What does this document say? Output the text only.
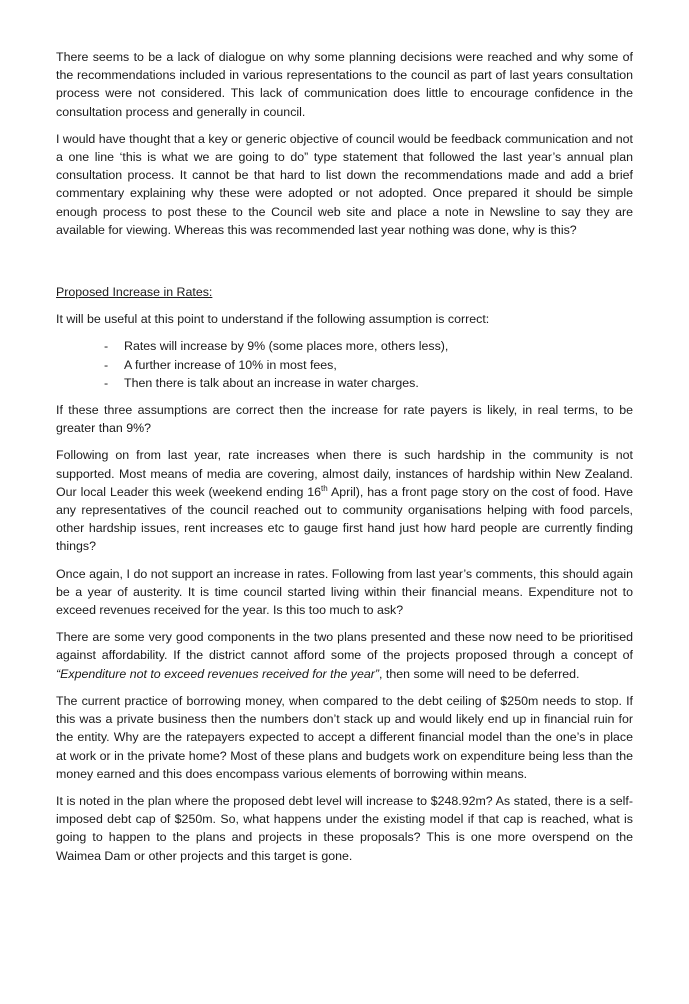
There seems to be a lack of dialogue on why some planning decisions were reached and why some of the recommendations included in various representations to the council as part of last years consultation process were not considered. This lack of communication does little to encourage confidence in the consultation process and generally in council.

I would have thought that a key or generic objective of council would be feedback communication and not a one line ‘this is what we are going to do” type statement that followed the last year’s annual plan consultation process. It cannot be that hard to list down the recommendations made and add a brief commentary explaining why these were adopted or not adopted. Once prepared it should be simple enough process to post these to the Council web site and place a note in Newsline to say they are available for viewing. Whereas this was recommended last year nothing was done, why is this?

Proposed Increase in Rates:

It will be useful at this point to understand if the following assumption is correct:

- Rates will increase by 9% (some places more, others less),
- A further increase of 10% in most fees,
- Then there is talk about an increase in water charges.

If these three assumptions are correct then the increase for rate payers is likely, in real terms, to be greater than 9%?

Following on from last year, rate increases when there is such hardship in the community is not supported. Most means of media are covering, almost daily, instances of hardship within New Zealand. Our local Leader this week (weekend ending 16th April), has a front page story on the cost of food. Have any representatives of the council reached out to community organisations helping with food parcels, other hardship issues, rent increases etc to gauge first hand just how hard people are currently finding things?

Once again, I do not support an increase in rates. Following from last year’s comments, this should again be a year of austerity. It is time council started living within their financial means. Expenditure not to exceed revenues received for the year. Is this too much to ask?

There are some very good components in the two plans presented and these now need to be prioritised against affordability. If the district cannot afford some of the projects proposed through a concept of “Expenditure not to exceed revenues received for the year”, then some will need to be deferred.

The current practice of borrowing money, when compared to the debt ceiling of $250m needs to stop. If this was a private business then the numbers don’t stack up and would likely end up in financial ruin for the entity. Why are the ratepayers expected to accept a different financial model than the one’s in place at work or in the private home? Most of these plans and budgets work on expenditure being less than the money earned and this does encompass various elements of borrowing within means.

It is noted in the plan where the proposed debt level will increase to $248.92m? As stated, there is a self-imposed debt cap of $250m. So, what happens under the existing model if that cap is reached, what is going to happen to the plans and projects in these proposals? This is one more overspend on the Waimea Dam or other projects and this target is gone.
